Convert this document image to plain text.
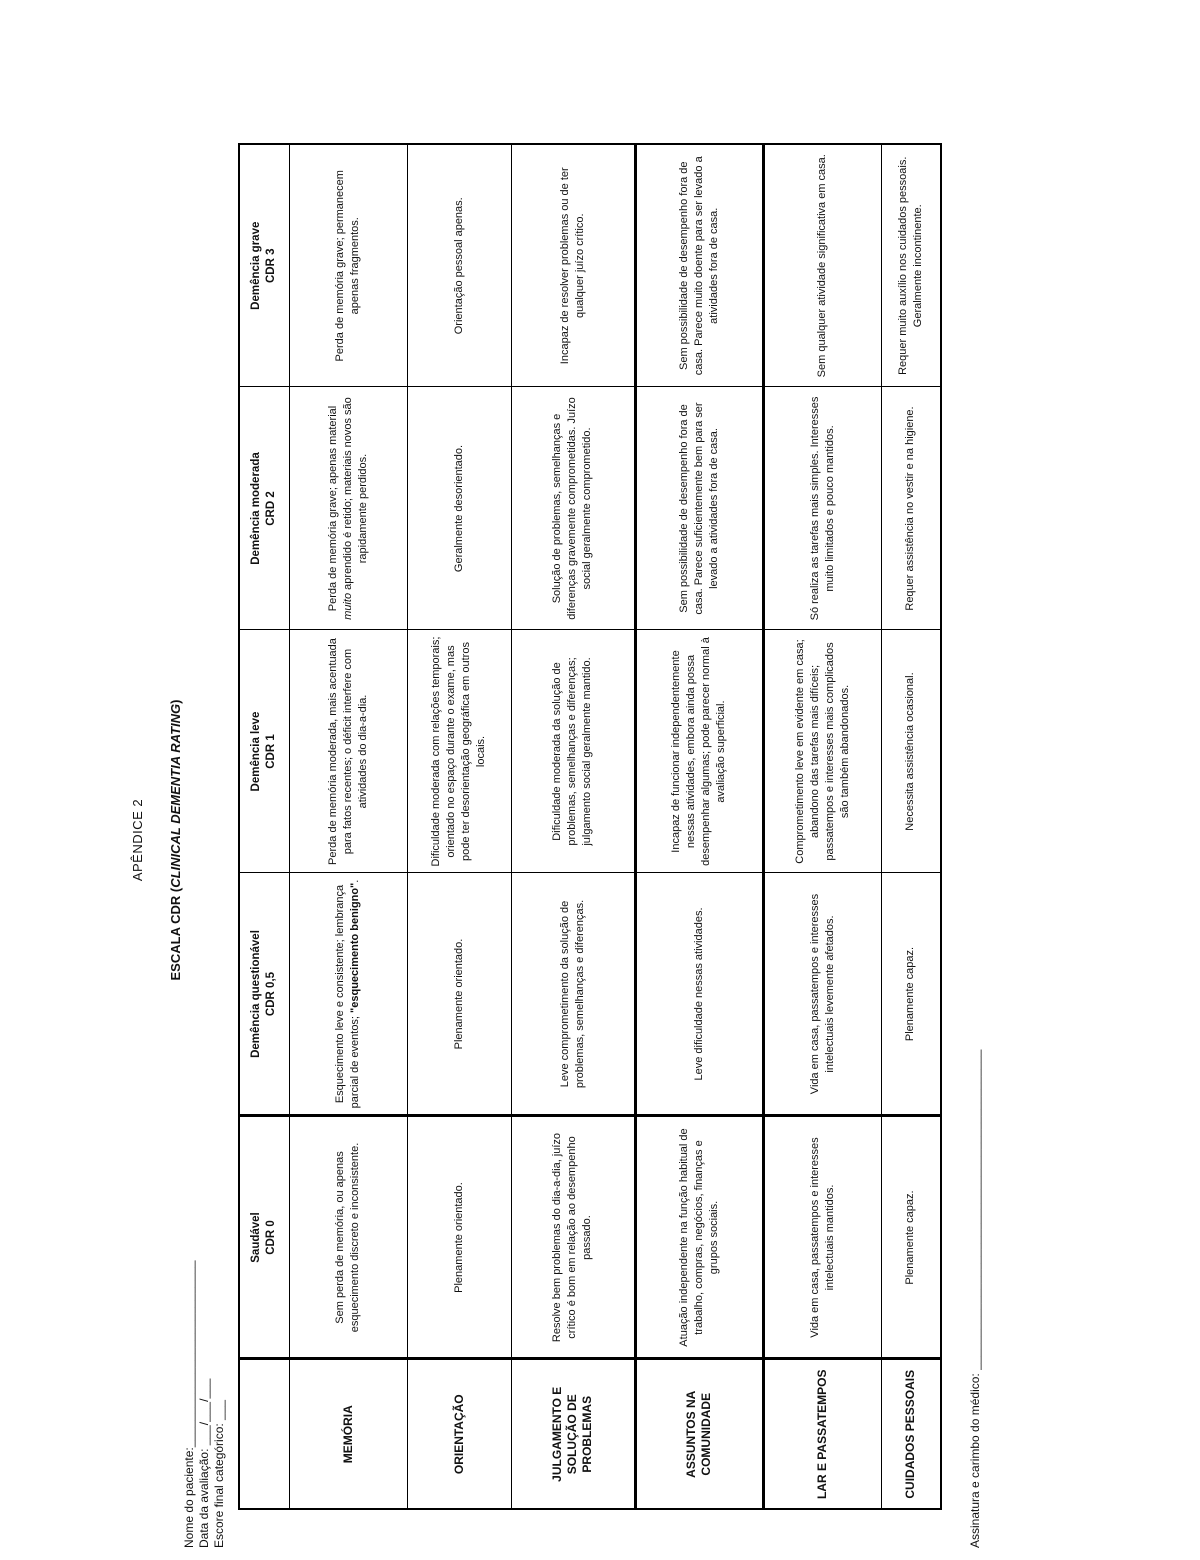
APÊNDICE 2
ESCALA CDR (CLINICAL DEMENTIA RATING)
Nome do paciente:____________________________ Data da avaliação: ___/___/___ Escore final categórico: ___
	Saudável CDR 0	Demência questionável CDR 0,5	Demência leve CDR 1	Demência moderada CRD 2	Demência grave CDR 3
MEMÓRIA	Sem perda de memória, ou apenas esquecimento discreto e inconsistente.	Esquecimento leve e consistente; lembrança parcial de eventos; "esquecimento benigno".	Perda de memória moderada, mais acentuada para fatos recentes; o déficit interfere com atividades do dia-a-dia.	Perda de memória grave; apenas material muito aprendido é retido; materiais novos são rapidamente perdidos.	Perda de memória grave; permanecem apenas fragmentos.
ORIENTAÇÃO	Plenamente orientado.	Plenamente orientado.	Dificuldade moderada com relações temporais; orientado no espaço durante o exame, mas pode ter desorientação geográfica em outros locais.	Geralmente desorientado.	Orientação pessoal apenas.
JULGAMENTO E SOLUÇÃO DE PROBLEMAS	Resolve bem problemas do dia-a-dia, juízo crítico é bom em relação ao desempenho passado.	Leve comprometimento da solução de problemas, semelhanças e diferenças.	Dificuldade moderada da solução de problemas, semelhanças e diferenças; julgamento social geralmente mantido.	Solução de problemas, semelhanças e diferenças gravemente comprometidas. Juízo social geralmente comprometido.	Incapaz de resolver problemas ou de ter qualquer juízo crítico.
ASSUNTOS NA COMUNIDADE	Atuação independente na função habitual de trabalho, compras, negócios, finanças e grupos sociais.	Leve dificuldade nessas atividades.	Incapaz de funcionar independentemente nessas atividades, embora ainda possa desempenhar algumas; pode parecer normal à avaliação superficial.	Sem possibilidade de desempenho fora de casa. Parece suficientemente bem para ser levado a atividades fora de casa.	Sem possibilidade de desempenho fora de casa. Parece muito doente para ser levado a atividades fora de casa.
LAR E PASSATEMPOS	Vida em casa, passatempos e interesses intelectuais mantidos.	Vida em casa, passatempos e interesses intelectuais levemente afetados.	Comprometimento leve em evidente em casa; abandono das tarefas mais difíceis; passatempos e interesses mais complicados são também abandonados.	Só realiza as tarefas mais simples. Interesses muito limitados e pouco mantidos.	Sem qualquer atividade significativa em casa.
CUIDADOS PESSOAIS	Plenamente capaz.	Plenamente capaz.	Necessita assistência ocasional.	Requer assistência no vestir e na higiene.	Requer muito auxílio nos cuidados pessoais. Geralmente incontinente.
Assinatura e carimbo do médico: ________________________________________________
